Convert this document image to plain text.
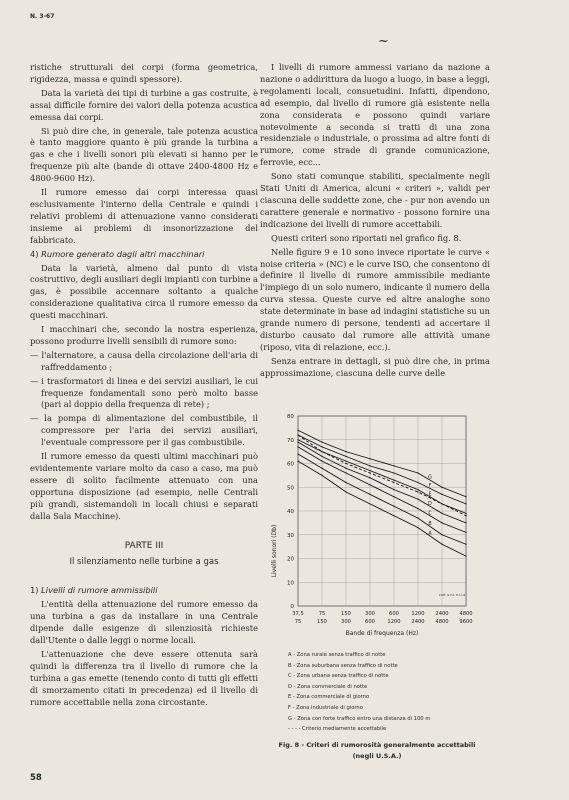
N. 3-67
~

ristiche strutturali dei corpi (forma geometrica, rigidezza, massa e quindi spessore).

Data la varietà dei tipi di turbine a gas costruite, è assai difficile fornire dei valori della potenza acustica emessa dai corpi.

Si può dire che, in generale, tale potenza acustica è tanto maggiore quanto è più grande la turbina a gas e che i livelli sonori più elevati si hanno per le frequenze più alte (bande di ottave 2400-4800 Hz e 4800-9600 Hz).

Il rumore emesso dai corpi interessa quasi esclusivamente l'interno della Centrale e quindi i relativi problemi di attenuazione vanno considerati insieme ai problemi di insonorizzazione del fabbricato.

4) Rumore generato dagli altri macchinari

Data la varietà, almeno dal punto di vista costruttivo, degli ausiliari degli impianti con turbine a gas, è possibile accennare soltanto a qualche considerazione qualitativa circa il rumore emesso da questi macchinari.

I macchinari che, secondo la nostra esperienza, possono produrre livelli sensibili di rumore sono:

— l'alternatore, a causa della circolazione dell'aria di raffreddamento ;

— i trasformatori di linea e dei servizi ausiliari, le cui frequenze fondamentali sono però molto basse (pari al doppio della frequenza di rete) ;

— la pompa di alimentazione del combustibile, il compressore per l'aria dei servizi ausiliari, l'eventuale compressore per il gas combustibile.

Il rumore emesso da questi ultimi macchinari può evidentemente variare molto da caso a caso, ma può essere di solito facilmente attenuato con una opportuna disposizione (ad esempio, nelle Centrali più grandi, sistemandoli in locali chiusi e separati dalla Sala Macchine).

PARTE III
Il silenziamento nelle turbine a gas

1) Livelli di rumore ammissibili

L'entità della attenuazione del rumore emesso da una turbina a gas da installare in una Centrale dipende dalle esigenze di silenziosità richieste dall'Utente o dalle leggi o norme locali.

L'attenuazione che deve essere ottenuta sarà quindi la differenza tra il livello di rumore che la turbina a gas emette (tenendo conto di tutti gli effetti di smorzamento citati in precedenza) ed il livello di rumore accettabile nella zona circostante.

I livelli di rumore ammessi variano da nazione a nazione o addirittura da luogo a luogo, in base a leggi, regolamenti locali, consuetudini. Infatti, dipendono, ad esempio, dal livello di rumore già esistente nella zona considerata e possono quindi variare notevolmente a seconda si tratti di una zona residenziale o industriale, o prossima ad altre fonti di rumore, come strade di grande comunicazione, ferrovie, ecc...

Sono stati comunque stabiliti, specialmente negli Stati Uniti di America, alcuni « criteri », validi per ciascuna delle suddette zone, che - pur non avendo un carattere generale e normativo - possono fornire una indicazione dei livelli di rumore accettabili.

Questi criteri sono riportati nel grafico fig. 8.

Nelle figure 9 e 10 sono invece riportate le curve « noise criteria » (NC) e le curve ISO, che consentono di definire il livello di rumore ammissibile mediante l'impiego di un solo numero, indicante il numero della curva stessa. Queste curve ed altre analoghe sono state determinate in base ad indagini statistiche su un grande numero di persone, tendenti ad accertare il disturbo causato dal rumore alle attività umane (riposo, vita di relazione, ecc.).

Senza entrare in dettagli, si può dire che, in prima approssimazione, ciascuna delle curve delle

0
10
20
30
40
50
60
70
80
37,5
75
75
150
150
300
300
600
600
1200
1200
2400
2400
4800
4800
9600
Livelli sonori (Db)
Bande di frequenza (Hz)
curt. u.n.i. n.l.l.a
A
B
C
D
E
F
G
A - Zona rurale senza traffico di notte
B - Zona suburbana senza traffico di notte
C - Zona urbana senza traffico di notte
D - Zona commerciale di notte
E - Zona commerciale di giorno
F - Zona industriale di giorno
G - Zona con forte traffico entro una distanza di 100 m
- - - - Criterio mediamente accettabile
Fig. 8 - Criteri di rumorosità generalmente accettabili
(negli U.S.A.)
58
